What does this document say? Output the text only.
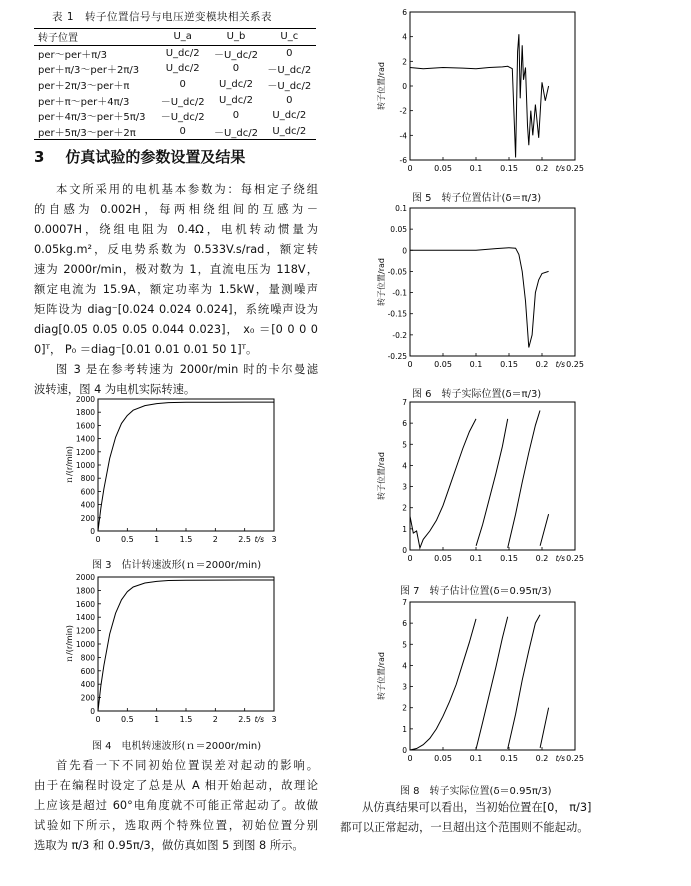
表 1　转子位置信号与电压逆变模块相关系表
转子位置	U_a	U_b	U_c
per～per＋π/3	U_dc/2	－U_dc/2	0
per＋π/3～per＋2π/3	U_dc/2	0	－U_dc/2
per＋2π/3～per＋π	0	U_dc/2	－U_dc/2
per＋π～per＋4π/3	－U_dc/2	U_dc/2	0
per＋4π/3～per＋5π/3	－U_dc/2	0	U_dc/2
per＋5π/3～per＋2π	0	－U_dc/2	U_dc/2
3 仿真试验的参数设置及结果
本文所采用的电机基本参数为：每相定子绕组
的自感为 0.002H，每两相绕组间的互感为－
0.0007H，绕组电阻为 0.4Ω，电机转动惯量为
0.05kg.m²，反电势系数为 0.533V.s/rad，额定转
速为 2000r/min，极对数为 1，直流电压为 118V，
额定电流为 15.9A，额定功率为 1.5kW，量测噪声
矩阵设为 diag⁻[0.024 0.024 0.024]，系统噪声设为
diag[0.05 0.05 0.05 0.044 0.023]， x₀ ＝[0 0 0 0
0]ᵀ， P₀ ＝diag⁻[0.01 0.01 0.01 50 1]ᵀ。
图 3 是在参考转速为 2000r/min 时的卡尔曼滤
波转速，图 4 为电机实际转速。
首先看一下不同初始位置误差对起动的影响。
由于在编程时设定了总是从 A 相开始起动，故理论
上应该是超过 60°电角度就不可能正常起动了。故做
试验如下所示，选取两个特殊位置，初始位置分别
选取为 π/3 和 0.95π/3，做仿真如图 5 到图 8 所示。
从仿真结果可以看出，当初始位置在[0， π/3]
都可以正常起动，一旦超出这个范围则不能起动。
0	0.5	1	1.5	2	2.5	3
0
200
400
600
800
1000
1200
1400
1600
1800
2000
t/s
ｎ/(r/min)
图 3　估计转速波形(ｎ＝2000r/min)
0	0.5	1	1.5	2	2.5	3
0
200
400
600
800
1000
1200
1400
1600
1800
2000
t/s
ｎ/(r/min)
图 4　电机转速波形(ｎ＝2000r/min)
0	0.05 0.1 0.15 0.2 0.25
-6
-4
-2
0
2
4
6
t/s
转子位置/rad
图 5　转子位置估计(δ＝π/3)
0	0.05 0.1 0.15 0.2 0.25
-0.25
-0.2
-0.15
-0.1
-0.05
0
0.05
0.1
t/s
转子位置/rad
图 6　转子实际位置(δ＝π/3)
0	0.05 0.1 0.15 0.2 0.25
0
1
2
3
4
5
6
7
t/s
转子位置/rad
图 7　转子估计位置(δ＝0.95π/3)
0	0.05 0.1 0.15 0.2 0.25
0
1
2
3
4
5
6
7
t/s
转子位置/rad
图 8　转子实际位置(δ＝0.95π/3)
